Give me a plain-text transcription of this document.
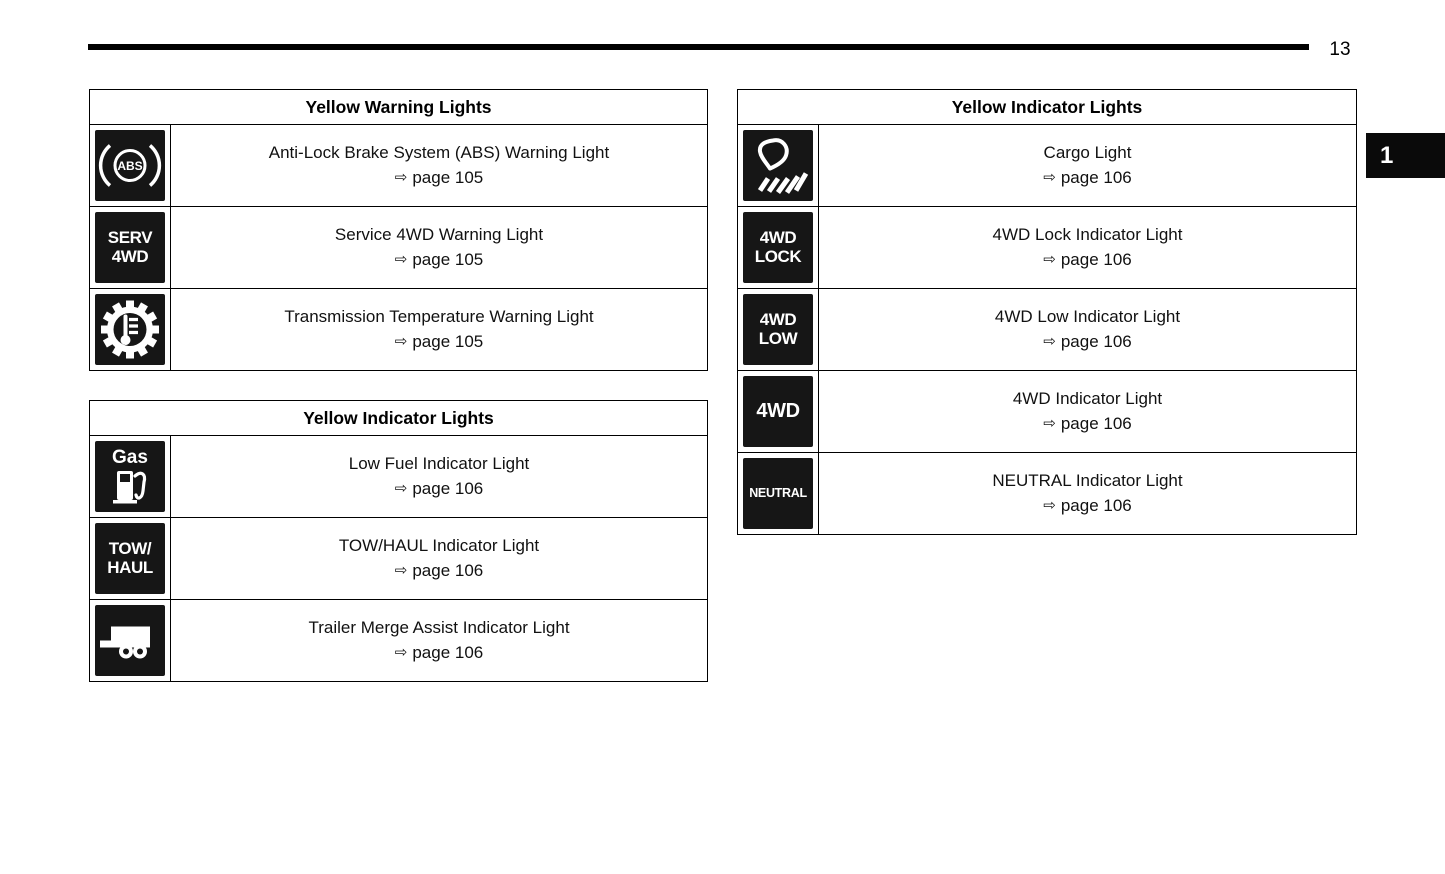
13
Yellow Warning Lights
ABS
Anti-Lock Brake System (ABS) Warning Light
⇨ page 105
SERV
4WD
Service 4WD Warning Light
⇨ page 105
Transmission Temperature Warning Light
⇨ page 105
Yellow Indicator Lights
Gas	Low Fuel Indicator Light
⇨ page 106
TOW/
HAUL
TOW/HAUL Indicator Light
⇨ page 106
Trailer Merge Assist Indicator Light
⇨ page 106
Yellow Indicator Lights
Cargo Light
⇨ page 106
4WD
LOCK
4WD Lock Indicator Light
⇨ page 106
4WD
LOW
4WD Low Indicator Light
⇨ page 106
4WD
4WD Indicator Light
⇨ page 106
NEUTRAL
NEUTRAL Indicator Light
⇨ page 106
1
